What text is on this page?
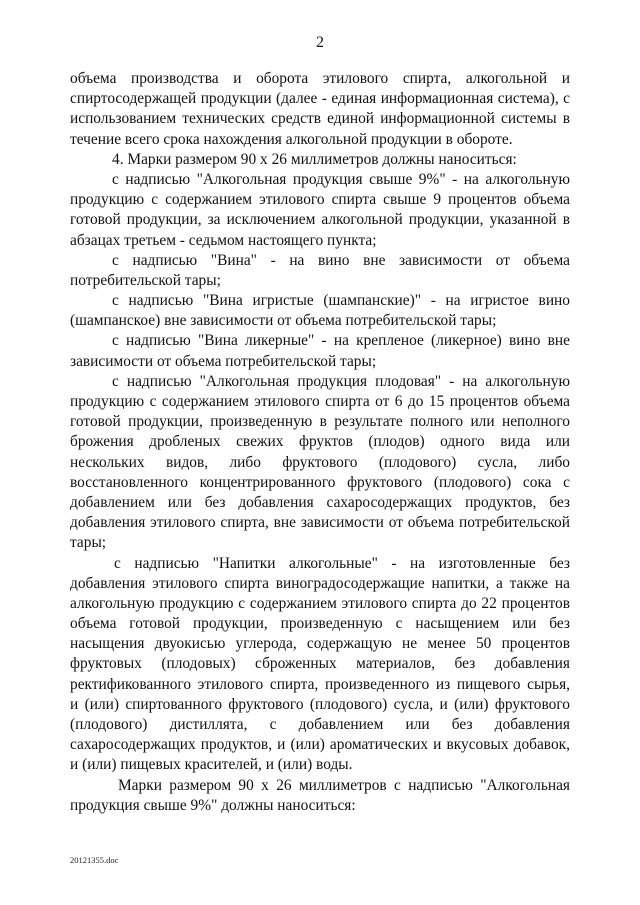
2
объема производства и оборота этилового спирта, алкогольной и
спиртосодержащей продукции (далее - единая информационная система), с
использованием технических средств единой информационной системы в
течение всего срока нахождения алкогольной продукции в обороте.
4. Марки размером 90 х 26 миллиметров должны наноситься:
с надписью "Алкогольная продукция свыше 9%" - на алкогольную
продукцию с содержанием этилового спирта свыше 9 процентов объема
готовой продукции, за исключением алкогольной продукции, указанной в
абзацах третьем - седьмом настоящего пункта;
с надписью "Вина" - на вино вне зависимости от объема
потребительской тары;
с надписью "Вина игристые (шампанские)" - на игристое вино
(шампанское) вне зависимости от объема потребительской тары;
с надписью "Вина ликерные" - на крепленое (ликерное) вино вне
зависимости от объема потребительской тары;
с надписью "Алкогольная продукция плодовая" - на алкогольную
продукцию с содержанием этилового спирта от 6 до 15 процентов объема
готовой продукции, произведенную в результате полного или неполного
брожения дробленых свежих фруктов (плодов) одного вида или
нескольких видов, либо фруктового (плодового) сусла, либо
восстановленного концентрированного фруктового (плодового) сока с
добавлением или без добавления сахаросодержащих продуктов, без
добавления этилового спирта, вне зависимости от объема потребительской
тары;
с надписью "Напитки алкогольные" - на изготовленные без
добавления этилового спирта виноградосодержащие напитки, а также на
алкогольную продукцию с содержанием этилового спирта до 22 процентов
объема готовой продукции, произведенную с насыщением или без
насыщения двуокисью углерода, содержащую не менее 50 процентов
фруктовых (плодовых) сброженных материалов, без добавления
ректификованного этилового спирта, произведенного из пищевого сырья,
и (или) спиртованного фруктового (плодового) сусла, и (или) фруктового
(плодового) дистиллята, с добавлением или без добавления
сахаросодержащих продуктов, и (или) ароматических и вкусовых добавок,
и (или) пищевых красителей, и (или) воды.
Марки размером 90 х 26 миллиметров с надписью "Алкогольная
продукция свыше 9%" должны наноситься:
20121355.doc
